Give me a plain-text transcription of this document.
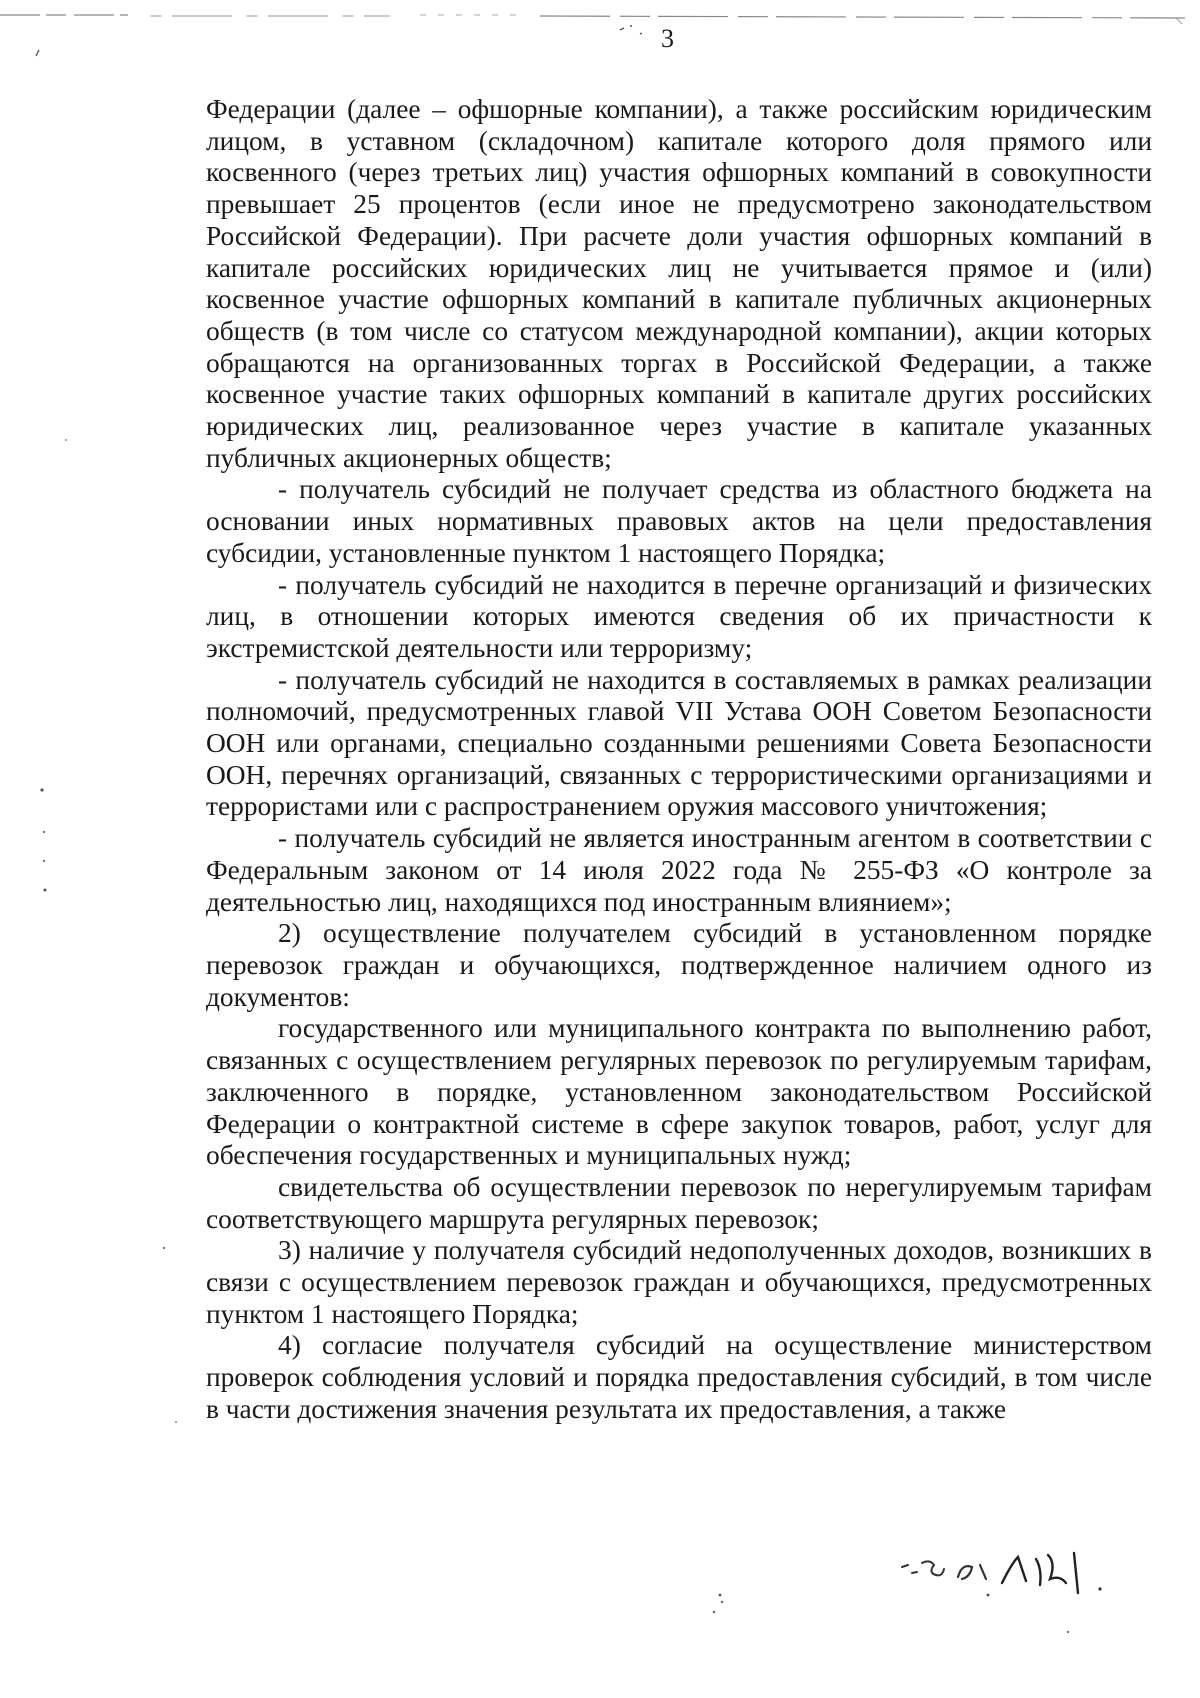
3

Федерации (далее – офшорные компании), а также российским юридическим лицом, в уставном (складочном) капитале которого доля прямого или косвенного (через третьих лиц) участия офшорных компаний в совокупности превышает 25 процентов (если иное не предусмотрено законодательством Российской Федерации). При расчете доли участия офшорных компаний в капитале российских юридических лиц не учитывается прямое и (или) косвенное участие офшорных компаний в капитале публичных акционерных обществ (в том числе со статусом международной компании), акции которых обращаются на организованных торгах в Российской Федерации, а также косвенное участие таких офшорных компаний в капитале других российских юридических лиц, реализованное через участие в капитале указанных публичных акционерных обществ;

- получатель субсидий не получает средства из областного бюджета на основании иных нормативных правовых актов на цели предоставления субсидии, установленные пунктом 1 настоящего Порядка;

- получатель субсидий не находится в перечне организаций и физических лиц, в отношении которых имеются сведения об их причастности к экстремистской деятельности или терроризму;

- получатель субсидий не находится в составляемых в рамках реализации полномочий, предусмотренных главой VII Устава ООН Советом Безопасности ООН или органами, специально созданными решениями Совета Безопасности ООН, перечнях организаций, связанных с террористическими организациями и террористами или с распространением оружия массового уничтожения;

- получатель субсидий не является иностранным агентом в соответствии с Федеральным законом от 14 июля 2022 года № 255-ФЗ «О контроле за деятельностью лиц, находящихся под иностранным влиянием»;

2) осуществление получателем субсидий в установленном порядке перевозок граждан и обучающихся, подтвержденное наличием одного из документов:

государственного или муниципального контракта по выполнению работ, связанных с осуществлением регулярных перевозок по регулируемым тарифам, заключенного в порядке, установленном законодательством Российской Федерации о контрактной системе в сфере закупок товаров, работ, услуг для обеспечения государственных и муниципальных нужд;

свидетельства об осуществлении перевозок по нерегулируемым тарифам соответствующего маршрута регулярных перевозок;

3) наличие у получателя субсидий недополученных доходов, возникших в связи с осуществлением перевозок граждан и обучающихся, предусмотренных пунктом 1 настоящего Порядка;

4) согласие получателя субсидий на осуществление министерством проверок соблюдения условий и порядка предоставления субсидий, в том числе в части достижения значения результата их предоставления, а также
